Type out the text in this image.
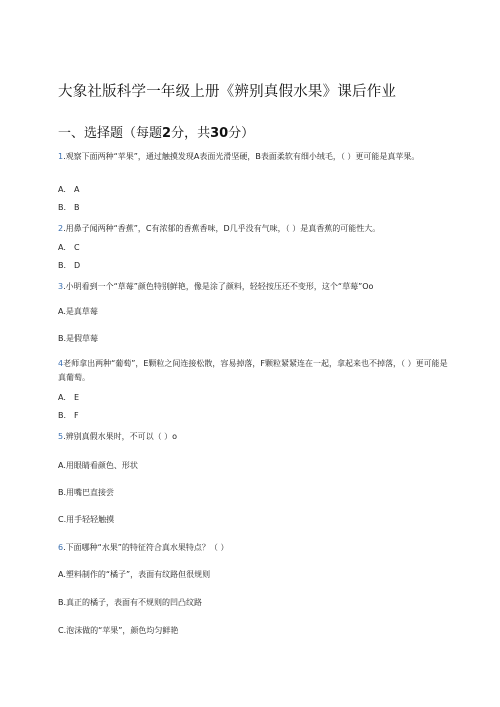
大象社版科学一年级上册《辨别真假水果》课后作业
一、选择题（每题2分，共30分）
1.观察下面两种“苹果”，通过触摸发现A表面光滑坚硬，B表面柔软有细小绒毛，（ ）更可能是真苹果。
A. A
B. B
2.用鼻子闻两种“香蕉”，C有浓郁的香蕉香味，D几乎没有气味，（ ）是真香蕉的可能性大。
A. C
B. D
3.小明看到一个“草莓”颜色特别鲜艳，像是涂了颜料，轻轻按压还不变形，这个“草莓”Oo
A.是真草莓
B.是假草莓
4老师拿出两种“葡萄”，E颗粒之间连接松散，容易掉落，F颗粒紧紧连在一起，拿起来也不掉落，（ ）更可能是真葡萄。
A. E
B. F
5.辨别真假水果时，不可以（ ）o
A.用眼睛看颜色、形状
B.用嘴巴直接尝
C.用手轻轻触摸
6.下面哪种“水果”的特征符合真水果特点？（ ）
A.塑料制作的“橘子”，表面有纹路但很规则
B.真正的橘子，表面有不规则的凹凸纹路
C.泡沫做的“苹果”，颜色均匀鲜艳
